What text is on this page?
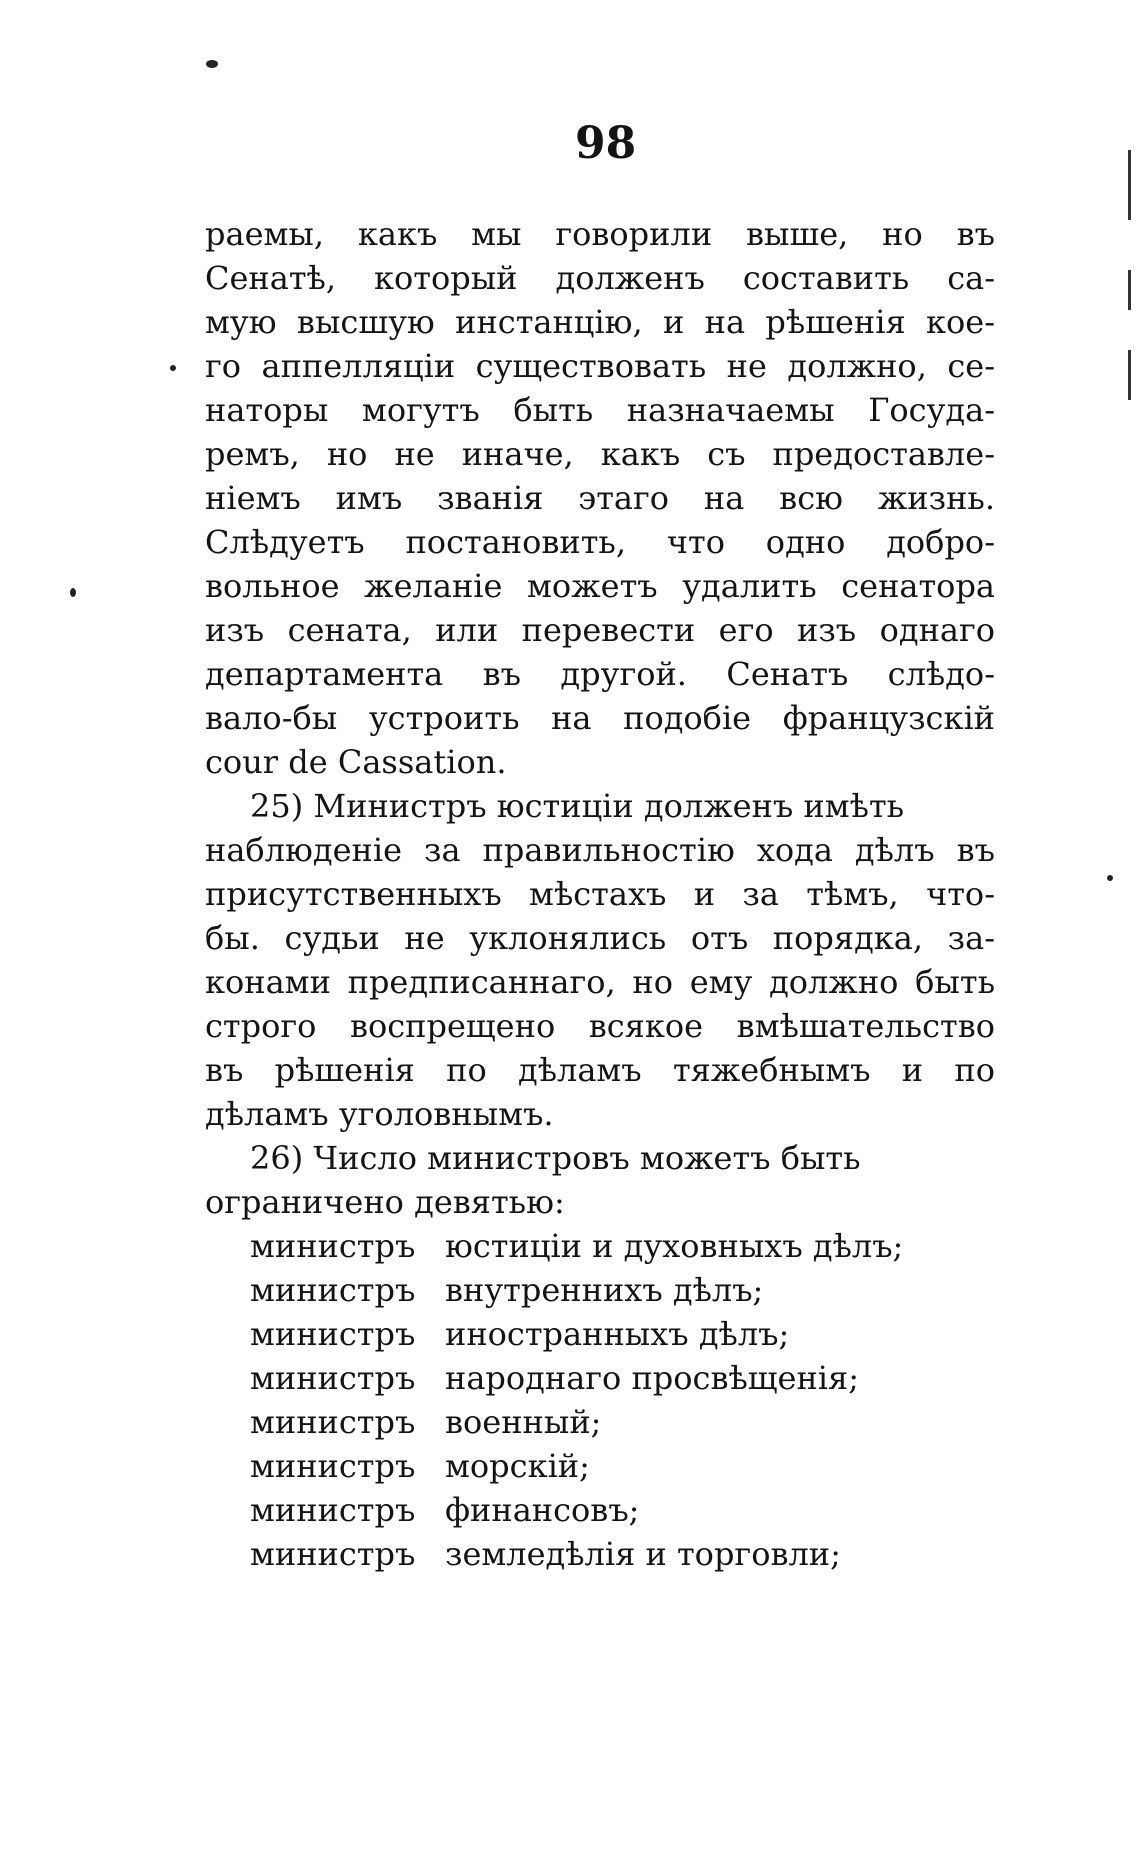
98
раемы, какъ мы говорили выше, но въ
Сенатѣ, который долженъ составить са-
мую высшую инстанцію, и на рѣшенія кое-
го аппелляціи существовать не должно, се-
наторы могутъ быть назначаемы Госуда-
ремъ, но не иначе, какъ съ предоставле-
ніемъ имъ званія этаго на всю жизнь.
Слѣдуетъ постановить, что одно добро-
вольное желаніе можетъ удалить сенатора
изъ сената, или перевести его изъ однаго
департамента въ другой. Сенатъ слѣдо-
вало-бы устроить на подобіе французскій
cour de Cassation.
25) Министръ юстиціи долженъ имѣть
наблюденіе за правильностію хода дѣлъ въ
присутственныхъ мѣстахъ и за тѣмъ, что-
бы. судьи не уклонялись отъ порядка, за-
конами предписаннаго, но ему должно быть
строго воспрещено всякое вмѣшательство
въ рѣшенія по дѣламъ тяжебнымъ и по
дѣламъ уголовнымъ.
26) Число министровъ можетъ быть
ограничено девятью:
министръ юстиціи и духовныхъ дѣлъ;
министръ внутреннихъ дѣлъ;
министръ иностранныхъ дѣлъ;
министръ народнаго просвѣщенія;
министръ военный;
министръ морскій;
министръ финансовъ;
министръ земледѣлія и торговли;
